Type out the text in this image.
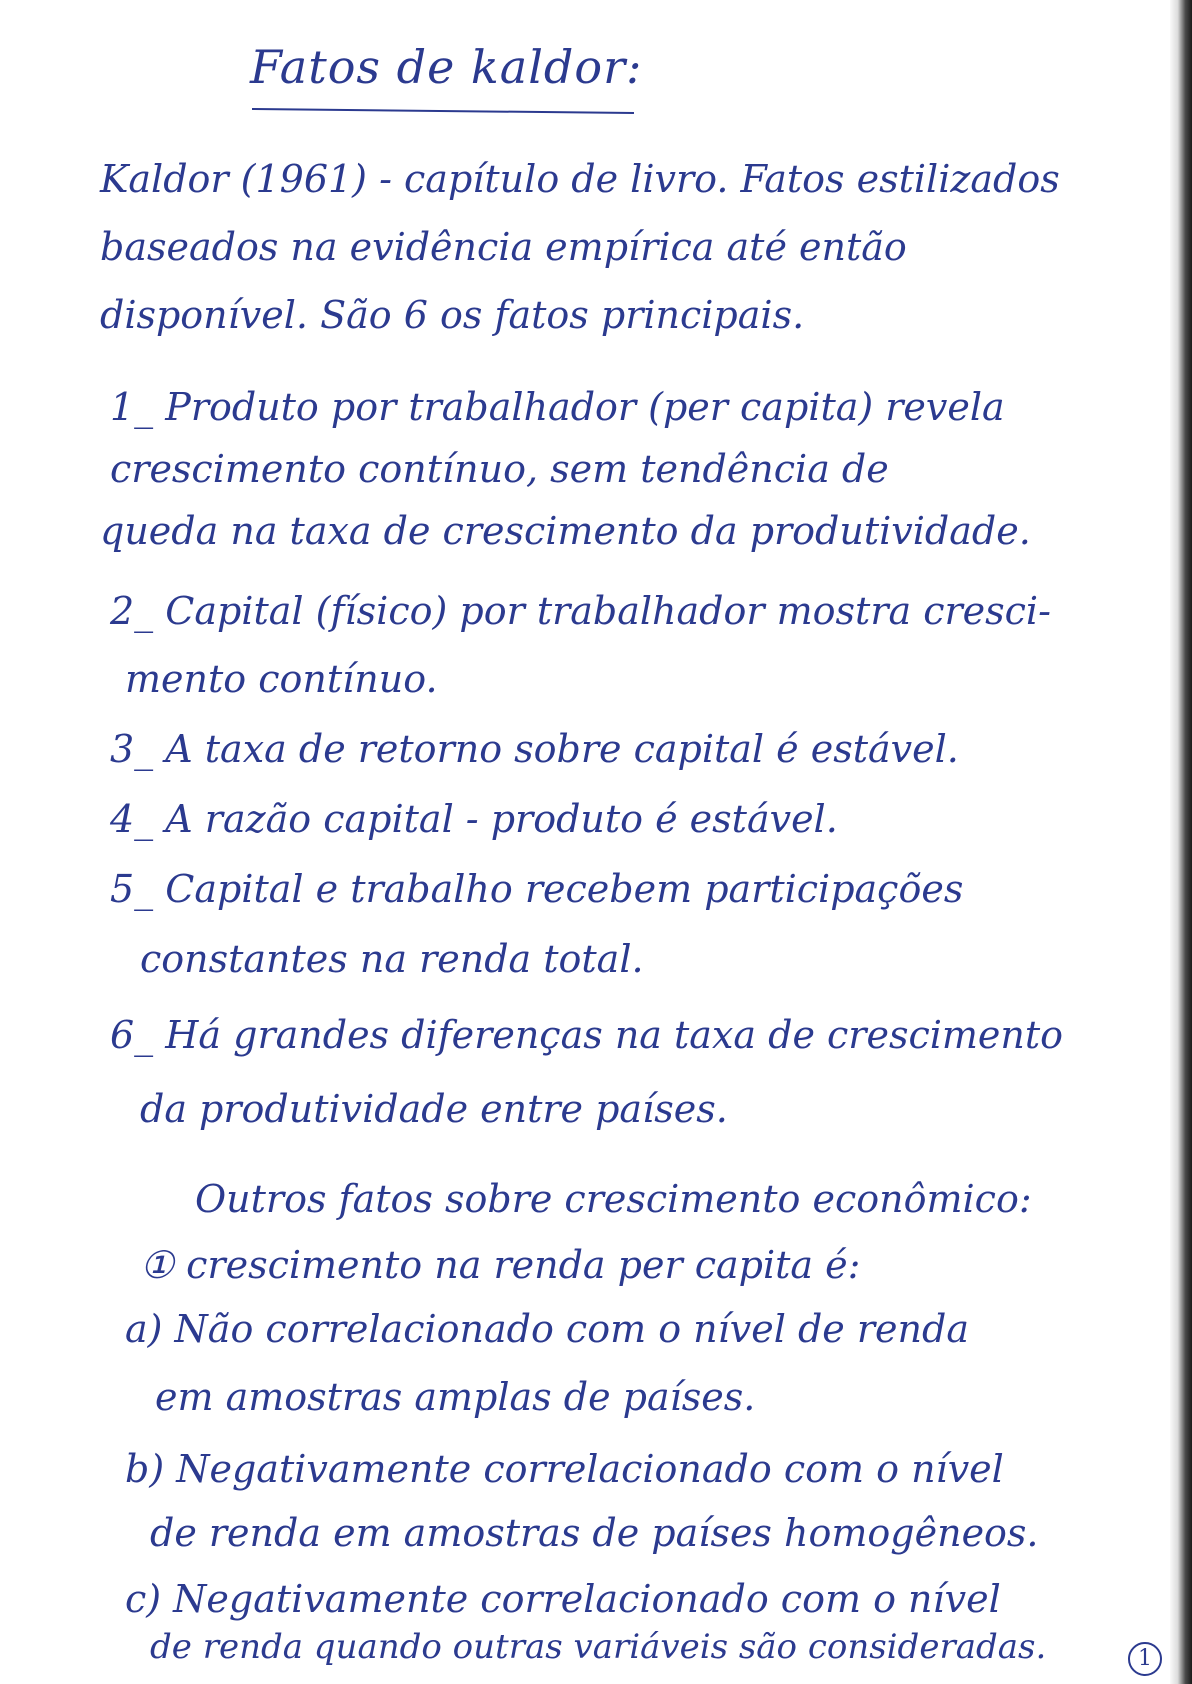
Fatos de kaldor:
Kaldor (1961) - capítulo de livro. Fatos estilizados
baseados na evidência empírica até então
disponível. São 6 os fatos principais.
1_ Produto por trabalhador (per capita) revela
crescimento contínuo, sem tendência de
queda na taxa de crescimento da produtividade.
2_ Capital (físico) por trabalhador mostra cresci-
mento contínuo.
3_ A taxa de retorno sobre capital é estável.
4_ A razão capital - produto é estável.
5_ Capital e trabalho recebem participações
constantes na renda total.
6_ Há grandes diferenças na taxa de crescimento
da produtividade entre países.
Outros fatos sobre crescimento econômico:
① crescimento na renda per capita é:
a) Não correlacionado com o nível de renda
em amostras amplas de países.
b) Negativamente correlacionado com o nível
de renda em amostras de países homogêneos.
c) Negativamente correlacionado com o nível
de renda quando outras variáveis são consideradas.	1
